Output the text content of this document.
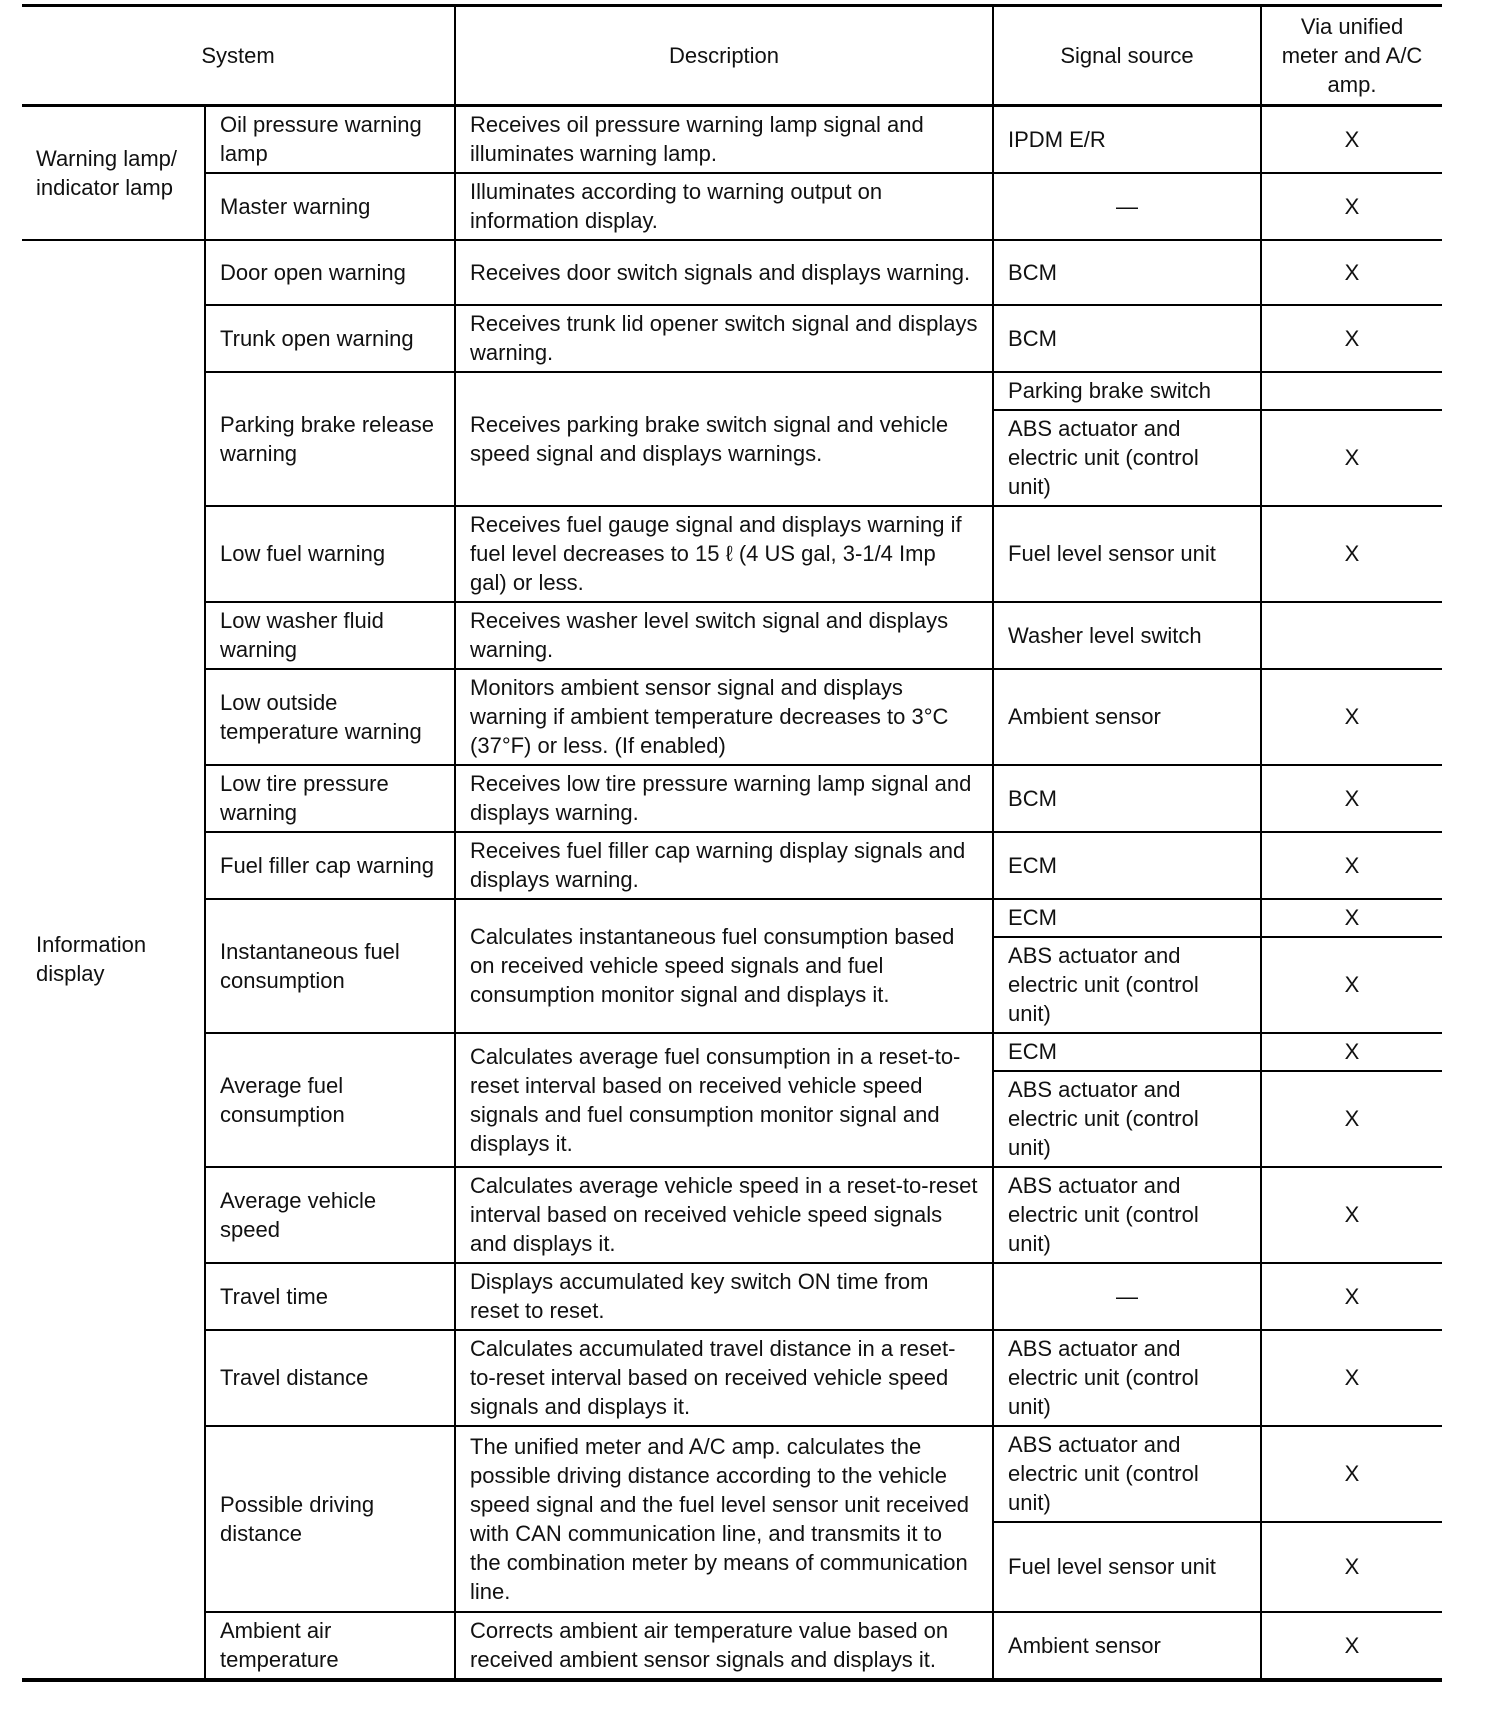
System		Description	Signal source	Via unified meter and A/C amp.
Warning lamp/ indicator lamp	Oil pressure warning lamp	Receives oil pressure warning lamp signal and illuminates warning lamp.	IPDM E/R	X
	Master warning	Illuminates according to warning output on information display.	—	X
Information display	Door open warning	Receives door switch signals and displays warning.	BCM	X
	Trunk open warning	Receives trunk lid opener switch signal and displays warning.	BCM	X
	Parking brake release warning	Receives parking brake switch signal and vehicle speed signal and displays warnings.	Parking brake switch	
			ABS actuator and electric unit (control unit)	X
	Low fuel warning	Receives fuel gauge signal and displays warning if fuel level decreases to 15 ℓ (4 US gal, 3-1/4 Imp gal) or less.	Fuel level sensor unit	X
	Low washer fluid warning	Receives washer level switch signal and displays warning.	Washer level switch	
	Low outside temperature warning	Monitors ambient sensor signal and displays warning if ambient temperature decreases to 3°C (37°F) or less. (If enabled)	Ambient sensor	X
	Low tire pressure warning	Receives low tire pressure warning lamp signal and displays warning.	BCM	X
	Fuel filler cap warning	Receives fuel filler cap warning display signals and displays warning.	ECM	X
	Instantaneous fuel consumption	Calculates instantaneous fuel consumption based on received vehicle speed signals and fuel consumption monitor signal and displays it.	ECM	X
			ABS actuator and electric unit (control unit)	X
	Average fuel consumption	Calculates average fuel consumption in a reset-to-reset interval based on received vehicle speed signals and fuel consumption monitor signal and displays it.	ECM	X
			ABS actuator and electric unit (control unit)	X
	Average vehicle speed	Calculates average vehicle speed in a reset-to-reset interval based on received vehicle speed signals and displays it.	ABS actuator and electric unit (control unit)	X
	Travel time	Displays accumulated key switch ON time from reset to reset.	—	X
	Travel distance	Calculates accumulated travel distance in a reset-to-reset interval based on received vehicle speed signals and displays it.	ABS actuator and electric unit (control unit)	X
	Possible driving distance	The unified meter and A/C amp. calculates the possible driving distance according to the vehicle speed signal and the fuel level sensor unit received with CAN communication line, and transmits it to the combination meter by means of communication line.	ABS actuator and electric unit (control unit)	X
			Fuel level sensor unit	X
	Ambient air temperature	Corrects ambient air temperature value based on received ambient sensor signals and displays it.	Ambient sensor	X
